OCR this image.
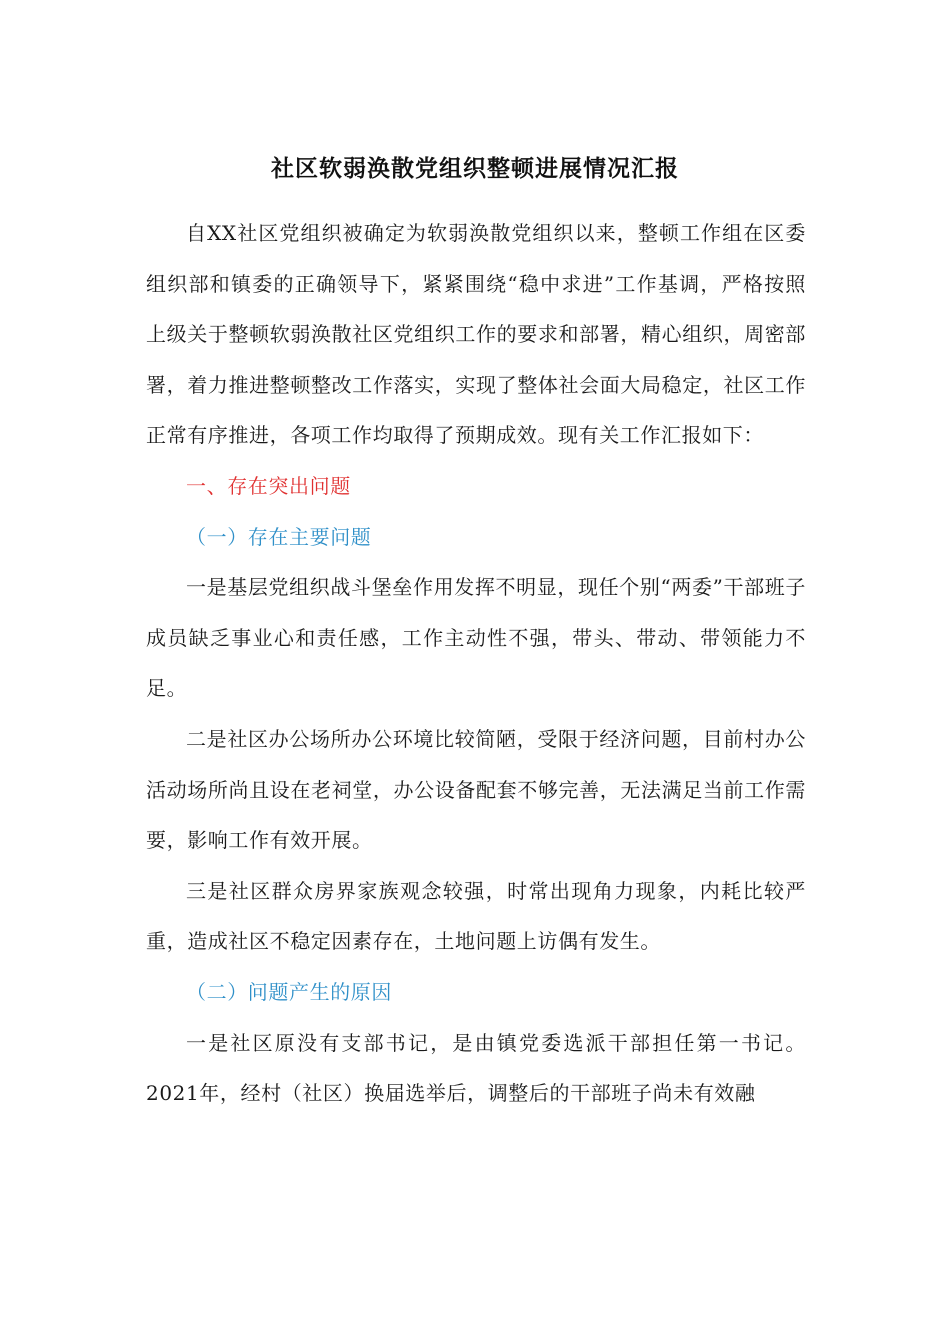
社区软弱涣散党组织整顿进展情况汇报

自XX社区党组织被确定为软弱涣散党组织以来，整顿工作组在区委组织部和镇委的正确领导下，紧紧围绕“稳中求进”工作基调，严格按照上级关于整顿软弱涣散社区党组织工作的要求和部署，精心组织，周密部署，着力推进整顿整改工作落实，实现了整体社会面大局稳定，社区工作正常有序推进，各项工作均取得了预期成效。现有关工作汇报如下：

一、存在突出问题

（一）存在主要问题

一是基层党组织战斗堡垒作用发挥不明显，现任个别“两委”干部班子成员缺乏事业心和责任感，工作主动性不强，带头、带动、带领能力不足。

二是社区办公场所办公环境比较简陋，受限于经济问题，目前村办公活动场所尚且设在老祠堂，办公设备配套不够完善，无法满足当前工作需要，影响工作有效开展。

三是社区群众房界家族观念较强，时常出现角力现象，内耗比较严重，造成社区不稳定因素存在，土地问题上访偶有发生。

（二）问题产生的原因

一是社区原没有支部书记，是由镇党委选派干部担任第一书记。2021年，经村（社区）换届选举后，调整后的干部班子尚未有效融
